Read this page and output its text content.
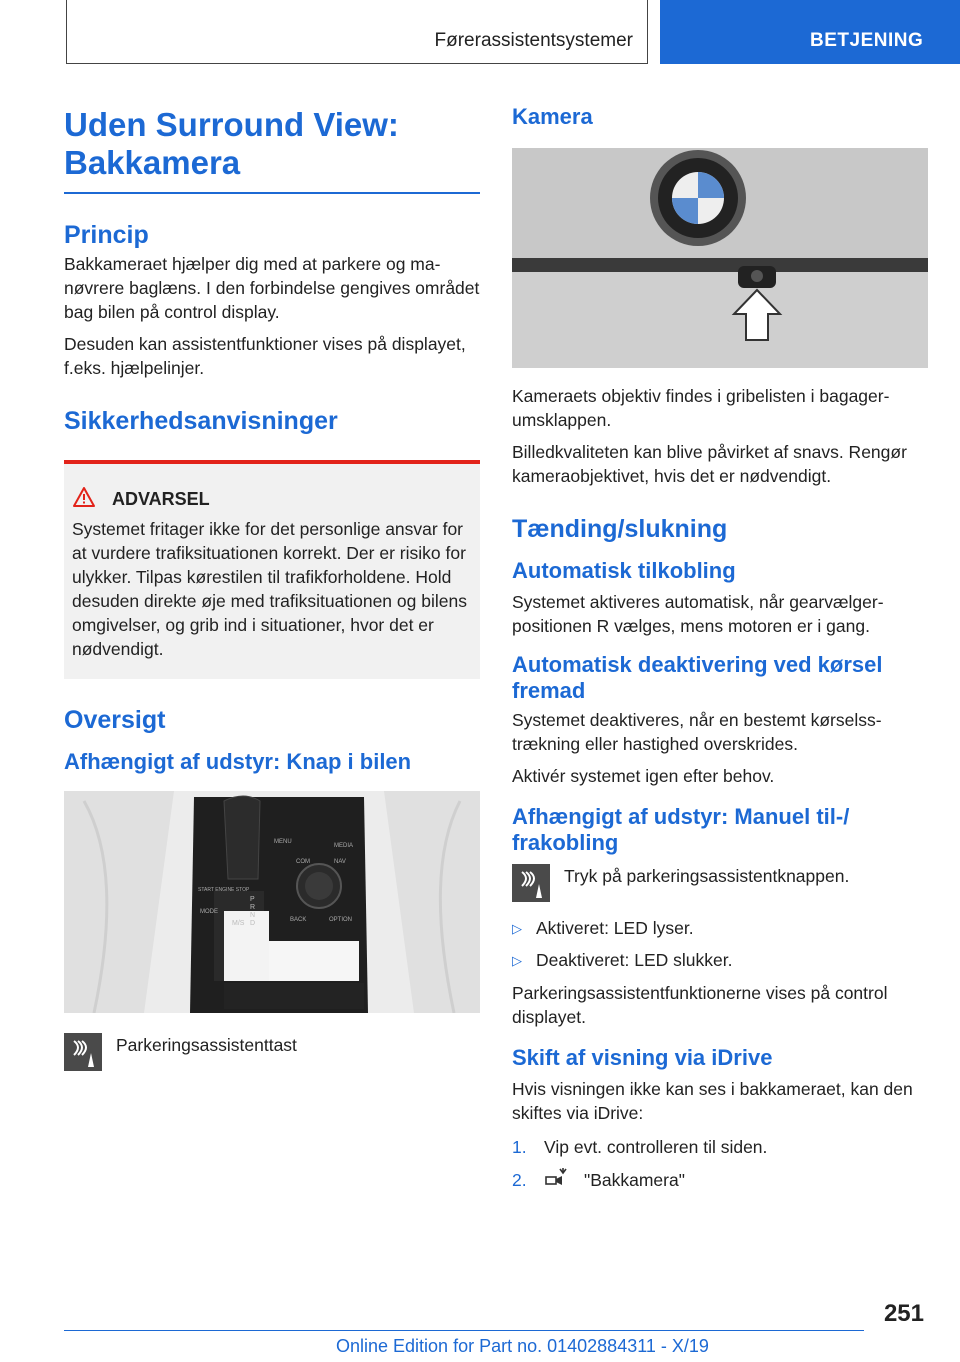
Førerassistentsystemer	BETJENING
Uden Surround View:
Bakkamera
Princip

Bakkameraet hjælper dig med at parkere og manøvrere baglæns. I den forbindelse gengives området bag bilen på control display.

Desuden kan assistentfunktioner vises på displayet, f.eks. hjælpelinjer.

Sikkerhedsanvisninger
ADVARSEL

Systemet fritager ikke for det personlige ansvar for at vurdere trafiksituationen korrekt. Der er risiko for ulykker. Tilpas kørestilen til trafikforholdene. Hold desuden direkte øje med trafiksituationen og bilens omgivelser, og grib ind i situationer, hvor det er nødvendigt.

Oversigt
Afhængigt af udstyr: Knap i bilen
MENU
COM	NAV
MEDIA
BACK	OPTION
MODE
START ENGINE STOP
P
R
N
D
M/S

Parkeringsassistenttast

Kamera

Kameraets objektiv findes i gribelisten i bagagerumsklappen.

Billedkvaliteten kan blive påvirket af snavs. Rengør kameraobjektivet, hvis det er nødvendigt.

Tænding/slukning
Automatisk tilkobling

Systemet aktiveres automatisk, når gearvælgerpositionen R vælges, mens motoren er i gang.

Automatisk deaktivering ved kørsel fremad

Systemet deaktiveres, når en bestemt kørselsstrækning eller hastighed overskrides.

Aktivér systemet igen efter behov.

Afhængigt af udstyr: Manuel til-/ frakobling

Tryk på parkeringsassistentknappen.

▷ Aktiveret: LED lyser.
▷ Deaktiveret: LED slukker.

Parkeringsassistentfunktionerne vises på control displayet.

Skift af visning via iDrive

Hvis visningen ikke kan ses i bakkameraet, kan den skiftes via iDrive:

1. Vip evt. controlleren til siden.
2.	"Bakkamera"
251
Online Edition for Part no. 01402884311 - X/19
